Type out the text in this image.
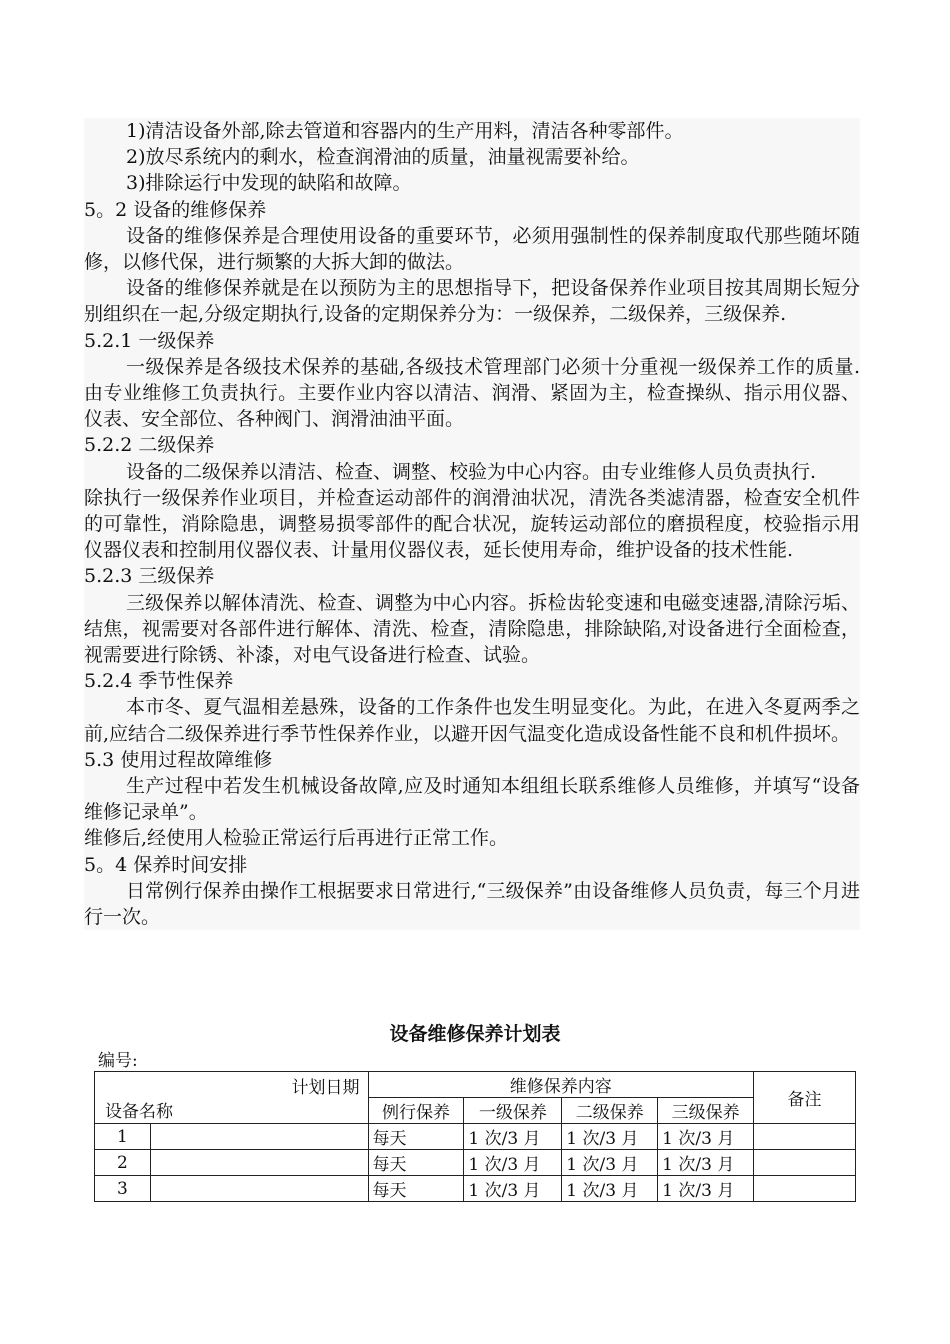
1)清洁设备外部,除去管道和容器内的生产用料，清洁各种零部件。

2)放尽系统内的剩水，检查润滑油的质量，油量视需要补给。

3)排除运行中发现的缺陷和故障。

5。2 设备的维修保养

设备的维修保养是合理使用设备的重要环节，必须用强制性的保养制度取代那些随坏随修，以修代保，进行频繁的大拆大卸的做法。

设备的维修保养就是在以预防为主的思想指导下，把设备保养作业项目按其周期长短分别组织在一起,分级定期执行,设备的定期保养分为：一级保养，二级保养，三级保养.

5.2.1 一级保养

一级保养是各级技术保养的基础,各级技术管理部门必须十分重视一级保养工作的质量.由专业维修工负责执行。主要作业内容以清洁、润滑、紧固为主，检查操纵、指示用仪器、仪表、安全部位、各种阀门、润滑油油平面。

5.2.2 二级保养

设备的二级保养以清洁、检查、调整、校验为中心内容。由专业维修人员负责执行.

除执行一级保养作业项目，并检查运动部件的润滑油状况，清洗各类滤清器，检查安全机件的可靠性，消除隐患，调整易损零部件的配合状况，旋转运动部位的磨损程度，校验指示用仪器仪表和控制用仪器仪表、计量用仪器仪表，延长使用寿命，维护设备的技术性能.

5.2.3 三级保养

三级保养以解体清洗、检查、调整为中心内容。拆检齿轮变速和电磁变速器,清除污垢、结焦，视需要对各部件进行解体、清洗、检查，清除隐患，排除缺陷,对设备进行全面检查，视需要进行除锈、补漆，对电气设备进行检查、试验。

5.2.4 季节性保养

本市冬、夏气温相差悬殊，设备的工作条件也发生明显变化。为此，在进入冬夏两季之前,应结合二级保养进行季节性保养作业，以避开因气温变化造成设备性能不良和机件损坏。

5.3 使用过程故障维修

生产过程中若发生机械设备故障,应及时通知本组组长联系维修人员维修，并填写“设备维修记录单”。

维修后,经使用人检验正常运行后再进行正常工作。

5。4 保养时间安排

日常例行保养由操作工根据要求日常进行,“三级保养”由设备维修人员负责，每三个月进行一次。

设备维修保养计划表
编号:
计划日期
设备名称		维修保养内容				备注
		例行保养	一级保养	二级保养	三级保养	
1		每天	1 次/3 月	1 次/3 月	1 次/3 月	
2		每天	1 次/3 月	1 次/3 月	1 次/3 月	
3		每天	1 次/3 月	1 次/3 月	1 次/3 月	
